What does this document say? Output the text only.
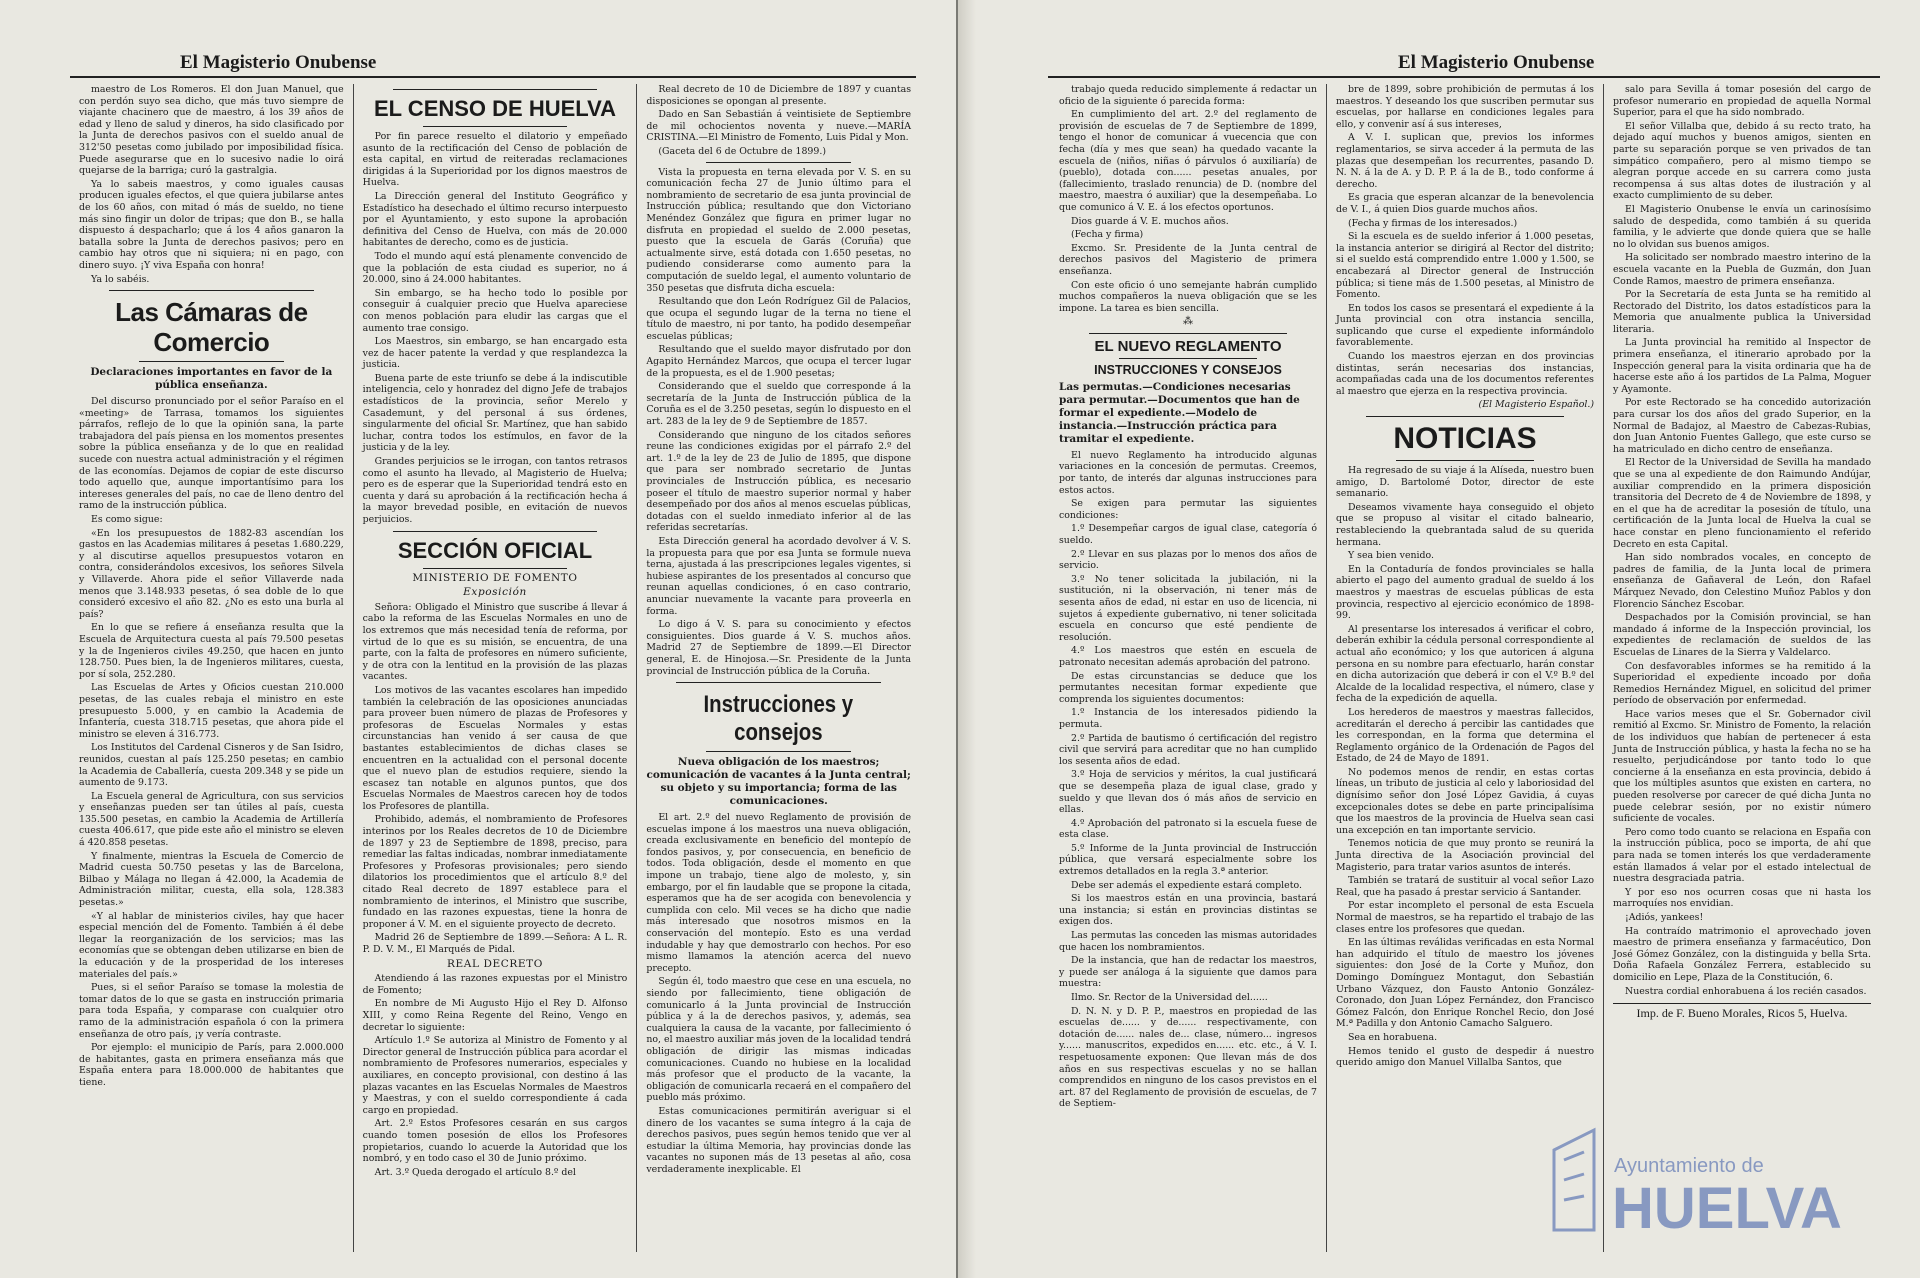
El Magisterio Onubense

maestro de Los Romeros. El don Juan Manuel, que con perdón suyo sea dicho, que más tuvo siempre de viajante chacinero que de maestro, á los 39 años de edad y lleno de salud y dineros, ha sido clasificado por la Junta de derechos pasivos con el sueldo anual de 312'50 pesetas como jubilado por imposibilidad física. Puede asegurarse que en lo sucesivo nadie lo oirá quejarse de la barriga; curó la gastralgia.

Ya lo sabeis maestros, y como iguales causas producen iguales efectos, el que quiera jubilarse antes de los 60 años, con mitad ó más de sueldo, no tiene más sino fingir un dolor de tripas; que don B., se halla dispuesto á despacharlo; que á los 4 años ganaron la batalla sobre la Junta de derechos pasivos; pero en cambio hay otros que ni siquiera; ni en pago, con dinero suyo. ¡Y viva España con honra!

Ya lo sabéis.

Las Cámaras de Comercio
Declaraciones importantes en favor de la pública enseñanza.

Del discurso pronunciado por el señor Paraíso en el «meeting» de Tarrasa, tomamos los siguientes párrafos, reflejo de lo que la opinión sana, la parte trabajadora del país piensa en los momentos presentes sobre la pública enseñanza y de lo que en realidad sucede con nuestra actual administración y el régimen de las economías. Dejamos de copiar de este discurso todo aquello que, aunque importantísimo para los intereses generales del país, no cae de lleno dentro del ramo de la instrucción pública.

Es como sigue:

«En los presupuestos de 1882-83 ascendían los gastos en las Academias militares á pesetas 1.680.229, y al discutirse aquellos presupuestos votaron en contra, considerándolos excesivos, los señores Silvela y Villaverde. Ahora pide el señor Villaverde nada menos que 3.148.933 pesetas, ó sea doble de lo que consideró excesivo el año 82. ¿No es esto una burla al país?

En lo que se refiere á enseñanza resulta que la Escuela de Arquitectura cuesta al país 79.500 pesetas y la de Ingenieros civiles 49.250, que hacen en junto 128.750. Pues bien, la de Ingenieros militares, cuesta, por sí sola, 252.280.

Las Escuelas de Artes y Oficios cuestan 210.000 pesetas, de las cuales rebaja el ministro en este presupuesto 5.000, y en cambio la Academia de Infantería, cuesta 318.715 pesetas, que ahora pide el ministro se eleven á 316.773.

Los Institutos del Cardenal Cisneros y de San Isidro, reunidos, cuestan al país 125.250 pesetas; en cambio la Academia de Caballería, cuesta 209.348 y se pide un aumento de 9.173.

La Escuela general de Agricultura, con sus servicios y enseñanzas pueden ser tan útiles al país, cuesta 135.500 pesetas, en cambio la Academia de Artillería cuesta 406.617, que pide este año el ministro se eleven á 420.858 pesetas.

Y finalmente, mientras la Escuela de Comercio de Madrid cuesta 50.750 pesetas y las de Barcelona, Bilbao y Málaga no llegan á 42.000, la Academia de Administración militar, cuesta, ella sola, 128.383 pesetas.»

«Y al hablar de ministerios civiles, hay que hacer especial mención del de Fomento. También á él debe llegar la reorganización de los servicios; mas las economías que se obtengan deben utilizarse en bien de la educación y de la prosperidad de los intereses materiales del país.»

Pues, si el señor Paraíso se tomase la molestia de tomar datos de lo que se gasta en instrucción primaria para toda España, y comparase con cualquier otro ramo de la administración española ó con la primera enseñanza de otro país, ¡y vería contraste.

Por ejemplo: el municipio de París, para 2.000.000 de habitantes, gasta en primera enseñanza más que España entera para 18.000.000 de habitantes que tiene.

EL CENSO DE HUELVA

Por fin parece resuelto el dilatorio y empeñado asunto de la rectificación del Censo de población de esta capital, en virtud de reiteradas reclamaciones dirigidas á la Superioridad por los dignos maestros de Huelva.

La Dirección general del Instituto Geográfico y Estadístico ha desechado el último recurso interpuesto por el Ayuntamiento, y esto supone la aprobación definitiva del Censo de Huelva, con más de 20.000 habitantes de derecho, como es de justicia.

Todo el mundo aquí está plenamente convencido de que la población de esta ciudad es superior, no á 20.000, sino á 24.000 habitantes.

Sin embargo, se ha hecho todo lo posible por conseguir á cualquier precio que Huelva apareciese con menos población para eludir las cargas que el aumento trae consigo.

Los Maestros, sin embargo, se han encargado esta vez de hacer patente la verdad y que resplandezca la justicia.

Buena parte de este triunfo se debe á la indiscutible inteligencia, celo y honradez del digno Jefe de trabajos estadísticos de la provincia, señor Merelo y Casademunt, y del personal á sus órdenes, singularmente del oficial Sr. Martínez, que han sabido luchar, contra todos los estímulos, en favor de la justicia y de la ley.

Grandes perjuicios se le irrogan, con tantos retrasos como el asunto ha llevado, al Magisterio de Huelva; pero es de esperar que la Superioridad tendrá esto en cuenta y dará su aprobación á la rectificación hecha á la mayor brevedad posible, en evitación de nuevos perjuicios.

SECCIÓN OFICIAL
MINISTERIO DE FOMENTO
Exposición

Señora: Obligado el Ministro que suscribe á llevar á cabo la reforma de las Escuelas Normales en uno de los extremos que más necesidad tenía de reforma, por virtud de lo que es su misión, se encuentra, de una parte, con la falta de profesores en número suficiente, y de otra con la lentitud en la provisión de las plazas vacantes.

Los motivos de las vacantes escolares han impedido también la celebración de las oposiciones anunciadas para proveer buen número de plazas de Profesores y profesoras de Escuelas Normales y estas circunstancias han venido á ser causa de que bastantes establecimientos de dichas clases se encuentren en la actualidad con el personal docente que el nuevo plan de estudios requiere, siendo la escasez tan notable en algunos puntos, que dos Escuelas Normales de Maestros carecen hoy de todos los Profesores de plantilla.

Prohibido, además, el nombramiento de Profesores interinos por los Reales decretos de 10 de Diciembre de 1897 y 23 de Septiembre de 1898, preciso, para remediar las faltas indicadas, nombrar inmediatamente Profesores y Profesoras provisionales; pero siendo dilatorios los procedimientos que el artículo 8.º del citado Real decreto de 1897 establece para el nombramiento de interinos, el Ministro que suscribe, fundado en las razones expuestas, tiene la honra de proponer á V. M. en el siguiente proyecto de decreto.

Madrid 26 de Septiembre de 1899.—Señora: A L. R. P. D. V. M., El Marqués de Pidal.

REAL DECRETO

Atendiendo á las razones expuestas por el Ministro de Fomento;

En nombre de Mi Augusto Hijo el Rey D. Alfonso XIII, y como Reina Regente del Reino, Vengo en decretar lo siguiente:

Artículo 1.º Se autoriza al Ministro de Fomento y al Director general de Instrucción pública para acordar el nombramiento de Profesores numerarios, especiales y auxiliares, en concepto provisional, con destino á las plazas vacantes en las Escuelas Normales de Maestros y Maestras, y con el sueldo correspondiente á cada cargo en propiedad.

Art. 2.º Estos Profesores cesarán en sus cargos cuando tomen posesión de ellos los Profesores propietarios, cuando lo acuerde la Autoridad que los nombró, y en todo caso el 30 de Junio próximo.

Art. 3.º Queda derogado el artículo 8.º del

Real decreto de 10 de Diciembre de 1897 y cuantas disposiciones se opongan al presente.

Dado en San Sebastián á veintisiete de Septiembre de mil ochocientos noventa y nueve.—MARÍA CRISTINA.—El Ministro de Fomento, Luis Pidal y Mon.

(Gaceta del 6 de Octubre de 1899.)

Vista la propuesta en terna elevada por V. S. en su comunicación fecha 27 de Junio último para el nombramiento de secretario de esa junta provincial de Instrucción pública; resultando que don Victoriano Menéndez González que figura en primer lugar no disfruta en propiedad el sueldo de 2.000 pesetas, puesto que la escuela de Garás (Coruña) que actualmente sirve, está dotada con 1.650 pesetas, no pudiendo considerarse como aumento para la computación de sueldo legal, el aumento voluntario de 350 pesetas que disfruta dicha escuela:

Resultando que don León Rodríguez Gil de Palacios, que ocupa el segundo lugar de la terna no tiene el título de maestro, ni por tanto, ha podido desempeñar escuelas públicas;

Resultando que el sueldo mayor disfrutado por don Agapito Hernández Marcos, que ocupa el tercer lugar de la propuesta, es el de 1.900 pesetas;

Considerando que el sueldo que corresponde á la secretaría de la Junta de Instrucción pública de la Coruña es el de 3.250 pesetas, según lo dispuesto en el art. 283 de la ley de 9 de Septiembre de 1857.

Considerando que ninguno de los citados señores reune las condiciones exigidas por el párrafo 2.º del art. 1.º de la ley de 23 de Julio de 1895, que dispone que para ser nombrado secretario de Juntas provinciales de Instrucción pública, es necesario poseer el título de maestro superior normal y haber desempeñado por dos años al menos escuelas públicas, dotadas con el sueldo inmediato inferior al de las referidas secretarías.

Esta Dirección general ha acordado devolver á V. S. la propuesta para que por esa Junta se formule nueva terna, ajustada á las prescripciones legales vigentes, si hubiese aspirantes de los presentados al concurso que reunan aquellas condiciones, ó en caso contrario, anunciar nuevamente la vacante para proveerla en forma.

Lo digo á V. S. para su conocimiento y efectos consiguientes. Dios guarde á V. S. muchos años. Madrid 27 de Septiembre de 1899.—El Director general, E. de Hinojosa.—Sr. Presidente de la Junta provincial de Instrucción pública de la Coruña.

Instrucciones y consejos
Nueva obligación de los maestros; comunicación de vacantes á la Junta central; su objeto y su importancia; forma de las comunicaciones.

El art. 2.º del nuevo Reglamento de provisión de escuelas impone á los maestros una nueva obligación, creada exclusivamente en beneficio del montepío de fondos pasivos, y, por consecuencia, en beneficio de todos. Toda obligación, desde el momento en que impone un trabajo, tiene algo de molesto, y, sin embargo, por el fin laudable que se propone la citada, esperamos que ha de ser acogida con benevolencia y cumplida con celo. Mil veces se ha dicho que nadie más interesado que nosotros mismos en la conservación del montepío. Esto es una verdad indudable y hay que demostrarlo con hechos. Por eso mismo llamamos la atención acerca del nuevo precepto.

Según él, todo maestro que cese en una escuela, no siendo por fallecimiento, tiene obligación de comunicarlo á la Junta provincial de Instrucción pública y á la de derechos pasivos, y, además, sea cualquiera la causa de la vacante, por fallecimiento ó no, el maestro auxiliar más joven de la localidad tendrá obligación de dirigir las mismas indicadas comunicaciones. Cuando no hubiese en la localidad más profesor que el producto de la vacante, la obligación de comunicarla recaerá en el compañero del pueblo más próximo.

Estas comunicaciones permitirán averiguar si el dinero de los vacantes se suma íntegro á la caja de derechos pasivos, pues según hemos tenido que ver al estudiar la última Memoria, hay provincias donde las vacantes no suponen más de 13 pesetas al año, cosa verdaderamente inexplicable. El

El Magisterio Onubense

trabajo queda reducido simplemente á redactar un oficio de la siguiente ó parecida forma:

En cumplimiento del art. 2.º del reglamento de provisión de escuelas de 7 de Septiembre de 1899, tengo el honor de comunicar á vuecencia que con fecha (día y mes que sean) ha quedado vacante la escuela de (niños, niñas ó párvulos ó auxiliaría) de (pueblo), dotada con...... pesetas anuales, por (fallecimiento, traslado renuncia) de D. (nombre del maestro, maestra ó auxiliar) que la desempeñaba. Lo que comunico á V. E. á los efectos oportunos.

Dios guarde á V. E. muchos años.

(Fecha y firma)

Excmo. Sr. Presidente de la Junta central de derechos pasivos del Magisterio de primera enseñanza.

Con este oficio ó uno semejante habrán cumplido muchos compañeros la nueva obligación que se les impone. La tarea es bien sencilla.

⁂
EL NUEVO REGLAMENTO
INSTRUCCIONES Y CONSEJOS
Las permutas.—Condiciones necesarias para permutar.—Documentos que han de formar el expediente.—Modelo de instancia.—Instrucción práctica para tramitar el expediente.

El nuevo Reglamento ha introducido algunas variaciones en la concesión de permutas. Creemos, por tanto, de interés dar algunas instrucciones para estos actos.

Se exigen para permutar las siguientes condiciones:

1.º Desempeñar cargos de igual clase, categoría ó sueldo.

2.º Llevar en sus plazas por lo menos dos años de servicio.

3.º No tener solicitada la jubilación, ni la sustitución, ni la observación, ni tener más de sesenta años de edad, ni estar en uso de licencia, ni sujetos á expediente gubernativo, ni tener solicitada escuela en concurso que esté pendiente de resolución.

4.º Los maestros que estén en escuela de patronato necesitan además aprobación del patrono.

De estas circunstancias se deduce que los permutantes necesitan formar expediente que comprenda los siguientes documentos:

1.º Instancia de los interesados pidiendo la permuta.

2.º Partida de bautismo ó certificación del registro civil que servirá para acreditar que no han cumplido los sesenta años de edad.

3.º Hoja de servicios y méritos, la cual justificará que se desempeña plaza de igual clase, grado y sueldo y que llevan dos ó más años de servicio en ellas.

4.º Aprobación del patronato si la escuela fuese de esta clase.

5.º Informe de la Junta provincial de Instrucción pública, que versará especialmente sobre los extremos detallados en la regla 3.ª anterior.

Debe ser además el expediente estará completo.

Si los maestros están en una provincia, bastará una instancia; si están en provincias distintas se exigen dos.

Las permutas las conceden las mismas autoridades que hacen los nombramientos.

De la instancia, que han de redactar los maestros, y puede ser análoga á la siguiente que damos para muestra:

Ilmo. Sr. Rector de la Universidad del......

D. N. N. y D. P. P., maestros en propiedad de las escuelas de...... y de...... respectivamente, con dotación de...... nales de... clase, número... ingresos y...... manuscritos, expedidos en...... etc. etc., á V. I. respetuosamente exponen: Que llevan más de dos años en sus respectivas escuelas y no se hallan comprendidos en ninguno de los casos previstos en el art. 87 del Reglamento de provisión de escuelas, de 7 de Septiem-

bre de 1899, sobre prohibición de permutas á los maestros. Y deseando los que suscriben permutar sus escuelas, por hallarse en condiciones legales para ello, y convenir así á sus intereses,

A V. I. suplican que, previos los informes reglamentarios, se sirva acceder á la permuta de las plazas que desempeñan los recurrentes, pasando D. N. N. á la de A. y D. P. P. á la de B., todo conforme á derecho.

Es gracia que esperan alcanzar de la benevolencia de V. I., á quien Dios guarde muchos años.

(Fecha y firmas de los interesados.)

Si la escuela es de sueldo inferior á 1.000 pesetas, la instancia anterior se dirigirá al Rector del distrito; si el sueldo está comprendido entre 1.000 y 1.500, se encabezará al Director general de Instrucción pública; si tiene más de 1.500 pesetas, al Ministro de Fomento.

En todos los casos se presentará el expediente á la Junta provincial con otra instancia sencilla, suplicando que curse el expediente informándolo favorablemente.

Cuando los maestros ejerzan en dos provincias distintas, serán necesarias dos instancias, acompañadas cada una de los documentos referentes al maestro que ejerza en la respectiva provincia.

(El Magisterio Español.)
NOTICIAS

Ha regresado de su viaje á la Alíseda, nuestro buen amigo, D. Bartolomé Dotor, director de este semanario.

Deseamos vivamente haya conseguido el objeto que se propuso al visitar el citado balneario, restableciendo la quebrantada salud de su querida hermana.

Y sea bien venido.

En la Contaduría de fondos provinciales se halla abierto el pago del aumento gradual de sueldo á los maestros y maestras de escuelas públicas de esta provincia, respectivo al ejercicio económico de 1898-99.

Al presentarse los interesados á verificar el cobro, deberán exhibir la cédula personal correspondiente al actual año económico; y los que autoricen á alguna persona en su nombre para efectuarlo, harán constar en dicha autorización que deberá ir con el V.º B.º del Alcalde de la localidad respectiva, el número, clase y fecha de la expedición de aquella.

Los herederos de maestros y maestras fallecidos, acreditarán el derecho á percibir las cantidades que les correspondan, en la forma que determina el Reglamento orgánico de la Ordenación de Pagos del Estado, de 24 de Mayo de 1891.

No podemos menos de rendir, en estas cortas líneas, un tributo de justicia al celo y laboriosidad del dignísimo señor don José López Gavidia, á cuyas excepcionales dotes se debe en parte principalísima que los maestros de la provincia de Huelva sean casi una excepción en tan importante servicio.

Tenemos noticia de que muy pronto se reunirá la Junta directiva de la Asociación provincial del Magisterio, para tratar varios asuntos de interés.

También se tratará de sustituir al vocal señor Lazo Real, que ha pasado á prestar servicio á Santander.

Por estar incompleto el personal de esta Escuela Normal de maestros, se ha repartido el trabajo de las clases entre los profesores que quedan.

En las últimas reválidas verificadas en esta Normal han adquirido el título de maestro los jóvenes siguientes: don José de la Corte y Muñoz, don Domingo Domínguez Montagut, don Sebastián Urbano Vázquez, don Fausto Antonio González-Coronado, don Juan López Fernández, don Francisco Gómez Falcón, don Enrique Ronchel Recio, don José M.ª Padilla y don Antonio Camacho Salguero.

Sea en horabuena.

Hemos tenido el gusto de despedir á nuestro querido amigo don Manuel Villalba Santos, que

salo para Sevilla á tomar posesión del cargo de profesor numerario en propiedad de aquella Normal Superior, para el que ha sido nombrado.

El señor Villalba que, debido á su recto trato, ha dejado aquí muchos y buenos amigos, sienten en parte su separación porque se ven privados de tan simpático compañero, pero al mismo tiempo se alegran porque accede en su carrera como justa recompensa á sus altas dotes de ilustración y al exacto cumplimiento de su deber.

El Magisterio Onubense le envía un carinosísimo saludo de despedida, como también á su querida familia, y le advierte que donde quiera que se halle no lo olvidan sus buenos amigos.

Ha solicitado ser nombrado maestro interino de la escuela vacante en la Puebla de Guzmán, don Juan Conde Ramos, maestro de primera enseñanza.

Por la Secretaría de esta Junta se ha remitido al Rectorado del Distrito, los datos estadísticos para la Memoria que anualmente publica la Universidad literaria.

La Junta provincial ha remitido al Inspector de primera enseñanza, el itinerario aprobado por la Inspección general para la visita ordinaria que ha de hacerse este año á los partidos de La Palma, Moguer y Ayamonte.

Por este Rectorado se ha concedido autorización para cursar los dos años del grado Superior, en la Normal de Badajoz, al Maestro de Cabezas-Rubias, don Juan Antonio Fuentes Gallego, que este curso se ha matriculado en dicho centro de enseñanza.

El Rector de la Universidad de Sevilla ha mandado que se una al expediente de don Raimundo Andújar, auxiliar comprendido en la primera disposición transitoria del Decreto de 4 de Noviembre de 1898, y en el que ha de acreditar la posesión de título, una certificación de la Junta local de Huelva la cual se hace constar en pleno funcionamiento el referido Decreto en esta Capital.

Han sido nombrados vocales, en concepto de padres de familia, de la Junta local de primera enseñanza de Gañaveral de León, don Rafael Márquez Nevado, don Celestino Muñoz Pablos y don Florencio Sánchez Escobar.

Despachados por la Comisión provincial, se han mandado á informe de la Inspección provincial, los expedientes de reclamación de sueldos de las Escuelas de Linares de la Sierra y Valdelarco.

Con desfavorables informes se ha remitido á la Superioridad el expediente incoado por doña Remedios Hernández Miguel, en solicitud del primer período de observación por enfermedad.

Hace varios meses que el Sr. Gobernador civil remitió al Excmo. Sr. Ministro de Fomento, la relación de los individuos que habían de pertenecer á esta Junta de Instrucción pública, y hasta la fecha no se ha resuelto, perjudicándose por tanto todo lo que concierne á la enseñanza en esta provincia, debido á que los múltiples asuntos que existen en cartera, no pueden resolverse por carecer de qué dicha Junta no puede celebrar sesión, por no existir número suficiente de vocales.

Pero como todo cuanto se relaciona en España con la instrucción pública, poco se importa, de ahí que para nada se tomen interés los que verdaderamente están llamados á velar por el estado intelectual de nuestra desgraciada patria.

Y por eso nos ocurren cosas que ni hasta los marroquíes nos envidian.

¡Adiós, yankees!

Ha contraído matrimonio el aprovechado joven maestro de primera enseñanza y farmacéutico, Don José Gómez González, con la distinguida y bella Srta. Doña Rafaela González Ferrera, establecido su domicilio en Lepe, Plaza de la Constitución, 6.

Nuestra cordial enhorabuena á los recién casados.

Imp. de F. Bueno Morales, Ricos 5, Huelva.
Ayuntamiento de
HUELVA
